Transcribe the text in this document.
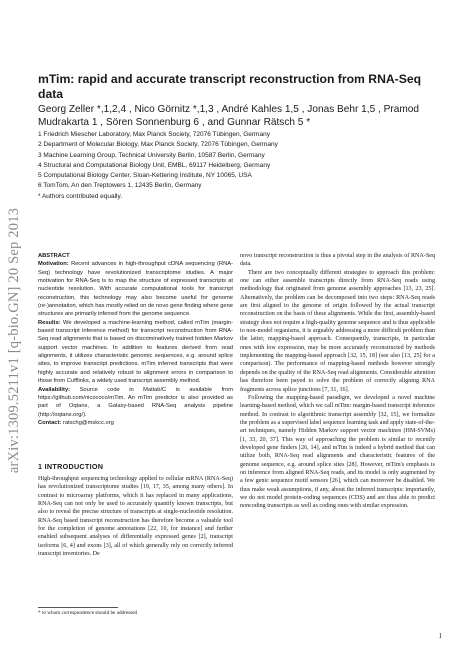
arXiv:1309.5211v1 [q-bio.GN] 20 Sep 2013
mTim: rapid and accurate transcript reconstruction from RNA-Seq data
Georg Zeller *,1,2,4 , Nico Görnitz *,1,3 , André Kahles 1,5 , Jonas Behr 1,5 , Pramod
Mudrakarta 1 , Sören Sonnenburg 6 , and Gunnar Rätsch 5 *
1 Friedrich Miescher Laboratory, Max Planck Society, 72076 Tübingen, Germany
2 Department of Molecular Biology, Max Planck Society, 72076 Tübingen, Germany
3 Machine Learning Group, Technical University Berlin, 10587 Berlin, Germany
4 Structural and Computational Biology Unit, EMBL, 69117 Heidelberg, Germany
5 Computational Biology Center, Sloan-Kettering Institute, NY 10065, USA
6 TomTom, An den Treptowers 1, 12435 Berlin, Germany
* Authors contributed equally.

ABSTRACT

Motivation: Recent advances in high-throughput cDNA sequencing (RNA-Seq) technology have revolutionized transcriptome studies. A major motivation for RNA-Seq is to map the structure of expressed transcripts at nucleotide resolution. With accurate computational tools for transcript reconstruction, this technology may also become useful for genome (re-)annotation, which has mostly relied on de novo gene finding where gene structures are primarily inferred from the genome sequence.

Results: We developed a machine-learning method, called mTim (margin-based transcript inference method) for transcript reconstruction from RNA-Seq read alignments that is based on discriminatively trained hidden Markov support vector machines. In addition to features derived from read alignments, it utilizes characteristic genomic sequences, e.g. around splice sites, to improve transcript predictions. mTim inferred transcripts that were highly accurate and relatively robust to alignment errors in comparison to those from Cufflinks, a widely used transcript assembly method.

Availability: Source code in Matlab/C is available from https://github.com/nicococo/mTim. An mTim predictor is also provided as part of Oqtans, a Galaxy-based RNA-Seq analysis pipeline (http://oqtans.org/).

Contact: ratschg@mskcc.org

1 INTRODUCTION

High-throughput sequencing technology applied to cellular mRNA (RNA-Seq) has revolutionized transcriptome studies [19, 17, 35, among many others]. In contrast to microarray platforms, which it has replaced in many applications, RNA-Seq can not only be used to accurately quantify known transcripts, but also to reveal the precise structure of transcripts at single-nucleotide resolution. RNA-Seq based transcript reconstruction has therefore become a valuable tool for the completion of genome annotations [22, 10, for instance] and further enabled subsequent analyses of differentially expressed genes [2], transcript isoforms [6, 4] and exons [3], all of which generally rely on correctly inferred transcript inventories. De

novo transcript reconstruction is thus a pivotal step in the analysis of RNA-Seq data.

There are two conceptually different strategies to approach this problem: one can either assemble transcripts directly from RNA-Seq reads using methodology that originated from genome assembly approaches [13, 23, 25]. Alternatively, the problem can be decomposed into two steps: RNA-Seq reads are first aligned to the genome of origin followed by the actual transcript reconstruction on the basis of these alignments. While the first, assembly-based strategy does not require a high-quality genome sequence and is thus applicable to non-model organisms, it is arguably addressing a more difficult problem than the latter, mapping-based approach. Consequently, transcripts, in particular ones with low expression, may be more accurately reconstructed by methods implementing the mapping-based approach [32, 15, 18] (see also [13, 25] for a comparison). The performance of mapping-based methods however strongly depends on the quality of the RNA-Seq read alignments. Considerable attention has therefore been payed to solve the problem of correctly aligning RNA fragments across splice junctions [7, 31, 16].

Following the mapping-based paradigm, we developed a novel machine learning-based method, which we call mTim: margin-based transcript inference method. In contrast to algorithmic transcript assembly [32, 15], we formalize the problem as a supervised label sequence learning task and apply state-of-the-art techniques, namely Hidden Markov support vector machines (HM-SVMs) [1, 33, 20, 37]. This way of approaching the problem is similar to recently developed gene finders [26, 14], and mTim is indeed a hybrid method that can utilize both, RNA-Seq read alignments and characteristic features of the genome sequence, e.g. around splice sites [28]. However, mTim's emphasis is on inference from aligned RNA-Seq reads, and its model is only augmented by a few genic sequence motif sensors [26], which can moreover be disabled. We thus make weak assumptions, if any, about the inferred transcripts: importantly, we do not model protein-coding sequences (CDS) and are thus able to predict noncoding transcripts as well as coding ones with similar expression.

* to whom correspondence should be addressed
1
